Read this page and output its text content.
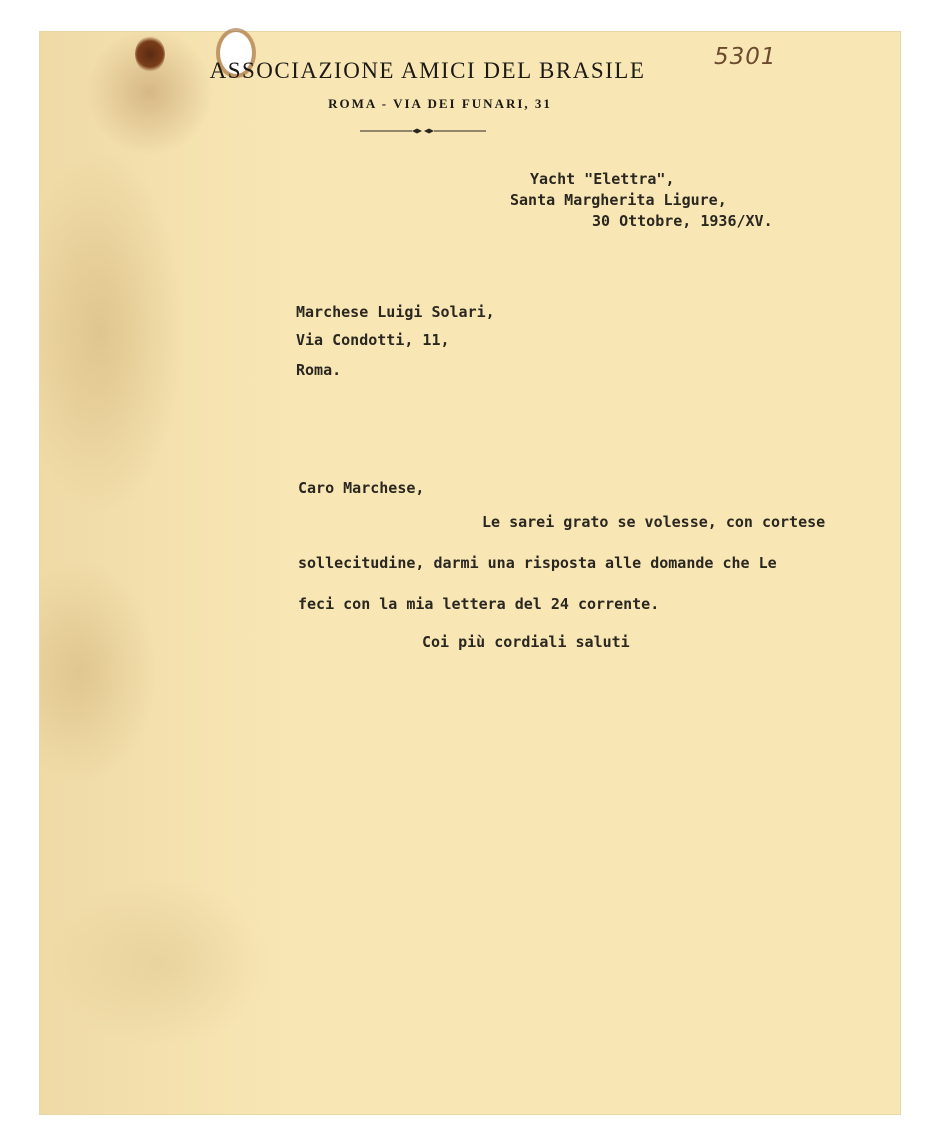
ASSOCIAZIONE AMICI DEL BRASILE
ROMA - VIA DEI FUNARI, 31
5301
Yacht "Elettra",
Santa Margherita Ligure,
30 Ottobre, 1936/XV.
Marchese Luigi Solari,
Via Condotti, 11,
Roma.
Caro Marchese,
Le sarei grato se volesse, con cortese
sollecitudine, darmi una risposta alle domande che Le
feci con la mia lettera del 24 corrente.
Coi più cordiali saluti
